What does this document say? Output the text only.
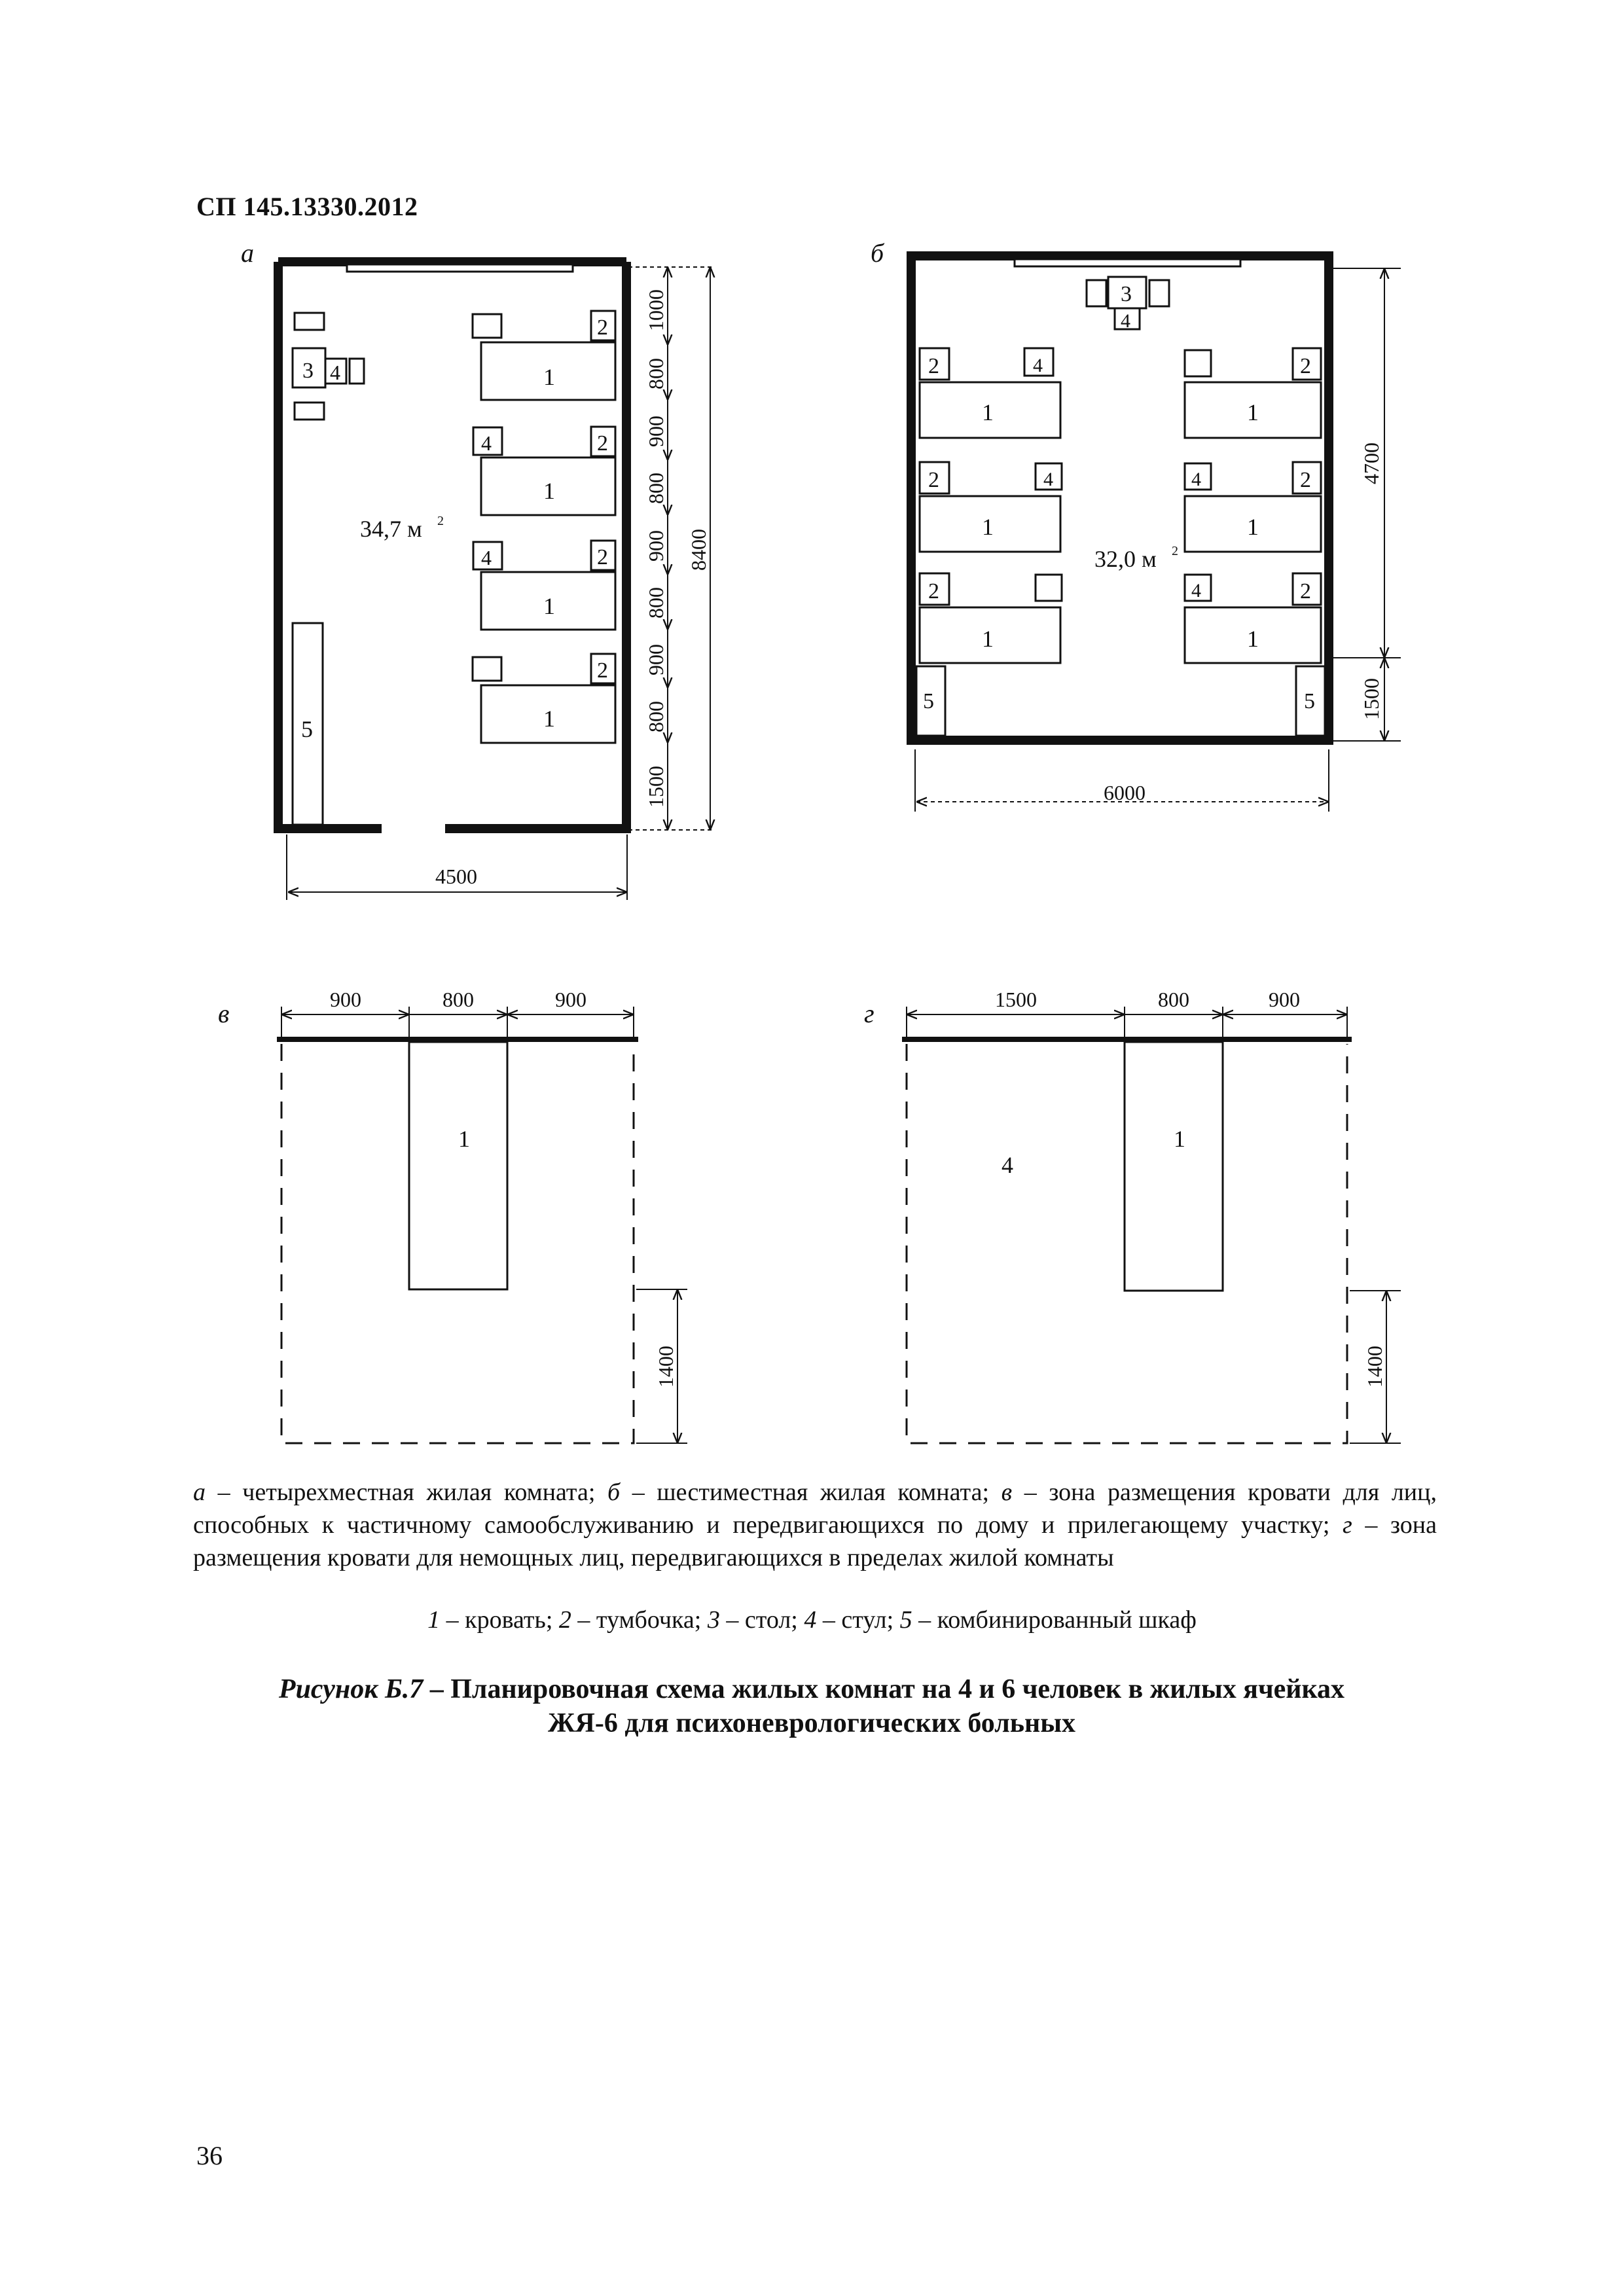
СП 145.13330.2012
а
3 4	1
2
1
2
4
1
2
4
1
2
5
34,7 м 2
1000
800
900
800
900
800
900
800
1500
8400
4500
б
3
4
1
2	4
1
2	4
1
2
1
2
1
2
4
1
2
4
5	5
32,0 м 2
4700
1500
6000
в
1
900	800	900
1400
г
1
4
1500	800	900
1400
а – четырехместная жилая комната; б – шестиместная жилая комната; в – зона размещения кровати для лиц, способных к частичному самообслуживанию и передвигающихся по дому и прилегающему участку; г – зона размещения кровати для немощных лиц, передвигающихся в пределах жилой комнаты
1 – кровать; 2 – тумбочка; 3 – стол; 4 – стул; 5 – комбинированный шкаф
Рисунок Б.7 – Планировочная схема жилых комнат на 4 и 6 человек в жилых ячейках
ЖЯ-6 для психоневрологических больных
36
